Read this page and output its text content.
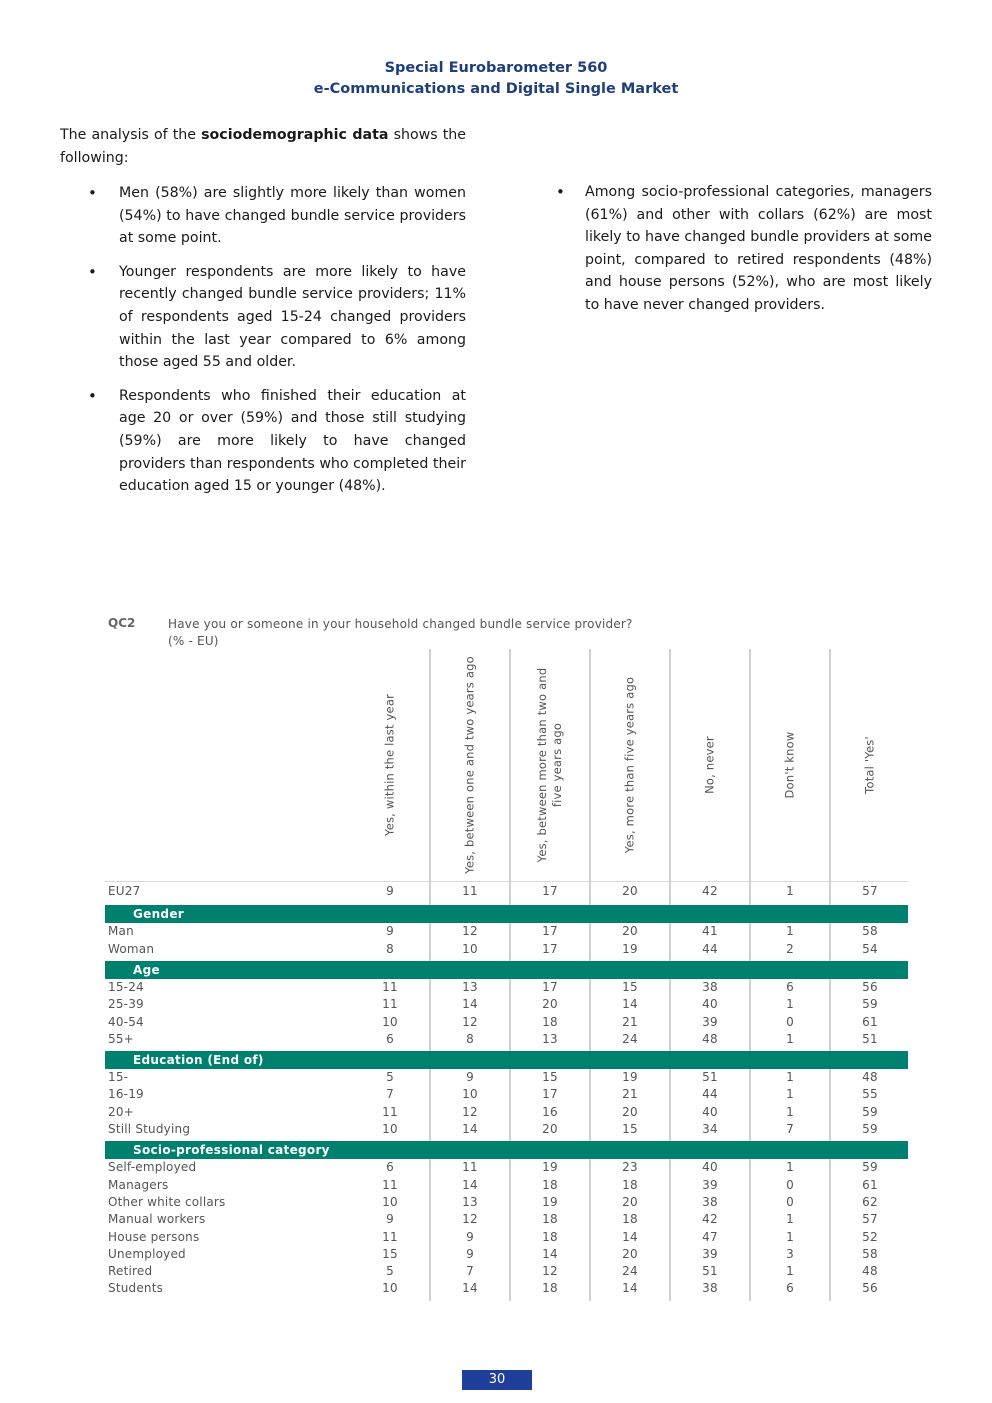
Special Eurobarometer 560
e-Communications and Digital Single Market

The analysis of the sociodemographic data shows the following:

• Men (58%) are slightly more likely than women (54%) to have changed bundle service providers at some point.
• Younger respondents are more likely to have recently changed bundle service providers; 11% of respondents aged 15-24 changed providers within the last year compared to 6% among those aged 55 and older.
• Respondents who finished their education at age 20 or over (59%) and those still studying (59%) are more likely to have changed providers than respondents who completed their education aged 15 or younger (48%).
• Among socio-professional categories, managers (61%) and other with collars (62%) are most likely to have changed bundle providers at some point, compared to retired respondents (48%) and house persons (52%), who are most likely to have never changed providers.
QC2	Have you or someone in your household changed bundle service provider?
(% - EU)
Yes, within the last year	Yes, between one and two years ago	Yes, between more than two and five years ago	Yes, more than five years ago	No, never	Don't know	Total 'Yes'
EU27	9	11	17	20	42	1	57
Gender
Man	9	12	17	20	41	1	58
Woman	8	10	17	19	44	2	54
Age
15-24	11	13	17	15	38	6	56
25-39	11	14	20	14	40	1	59
40-54	10	12	18	21	39	0	61
55+	6	8	13	24	48	1	51
Education (End of)
15-	5	9	15	19	51	1	48
16-19	7	10	17	21	44	1	55
20+	11	12	16	20	40	1	59
Still Studying	10	14	20	15	34	7	59
Socio-professional category
Self-employed	6	11	19	23	40	1	59
Managers	11	14	18	18	39	0	61
Other white collars	10	13	19	20	38	0	62
Manual workers	9	12	18	18	42	1	57
House persons	11	9	18	14	47	1	52
Unemployed	15	9	14	20	39	3	58
Retired	5	7	12	24	51	1	48
Students	10	14	18	14	38	6	56
30
